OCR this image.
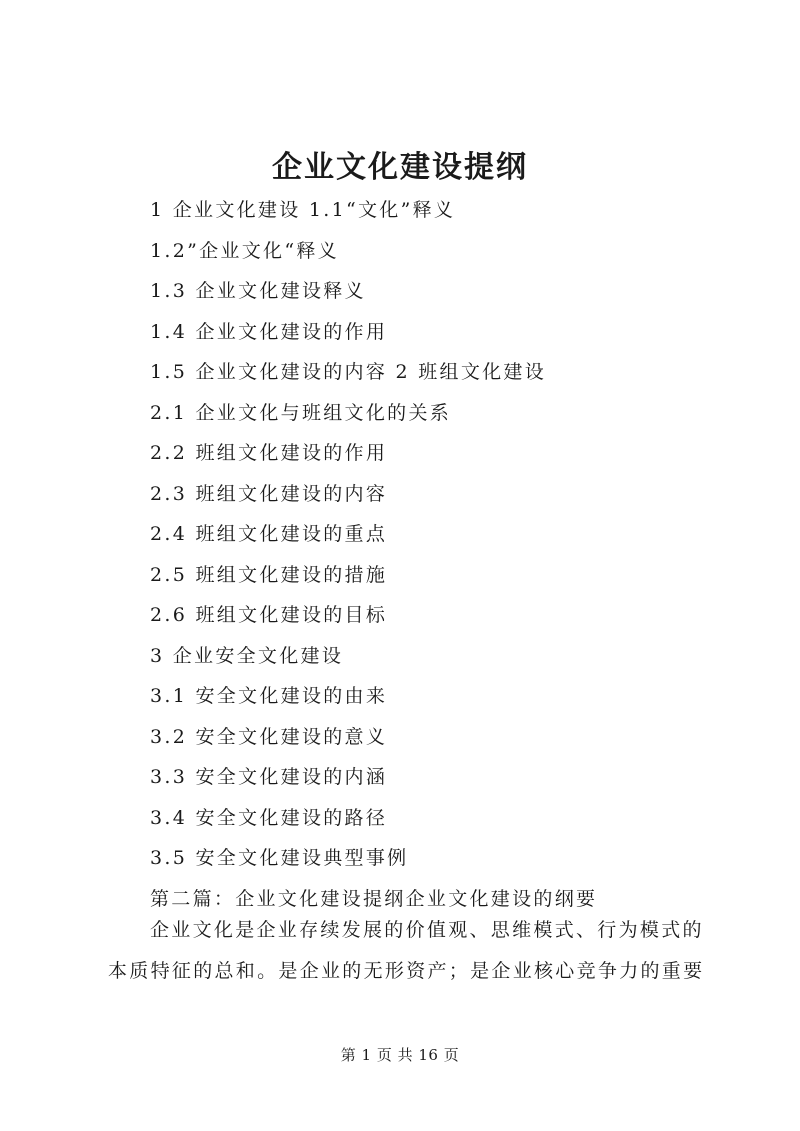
企业文化建设提纲
1 企业文化建设 1.1“文化”释义
1.2”企业文化“释义
1.3 企业文化建设释义
1.4 企业文化建设的作用
1.5 企业文化建设的内容 2 班组文化建设
2.1 企业文化与班组文化的关系
2.2 班组文化建设的作用
2.3 班组文化建设的内容
2.4 班组文化建设的重点
2.5 班组文化建设的措施
2.6 班组文化建设的目标
3 企业安全文化建设
3.1 安全文化建设的由来
3.2 安全文化建设的意义
3.3 安全文化建设的内涵
3.4 安全文化建设的路径
3.5 安全文化建设典型事例
第二篇：企业文化建设提纲企业文化建设的纲要
企业文化是企业存续发展的价值观、思维模式、行为模式的
本质特征的总和。是企业的无形资产；是企业核心竞争力的重要
第 1 页 共 16 页
